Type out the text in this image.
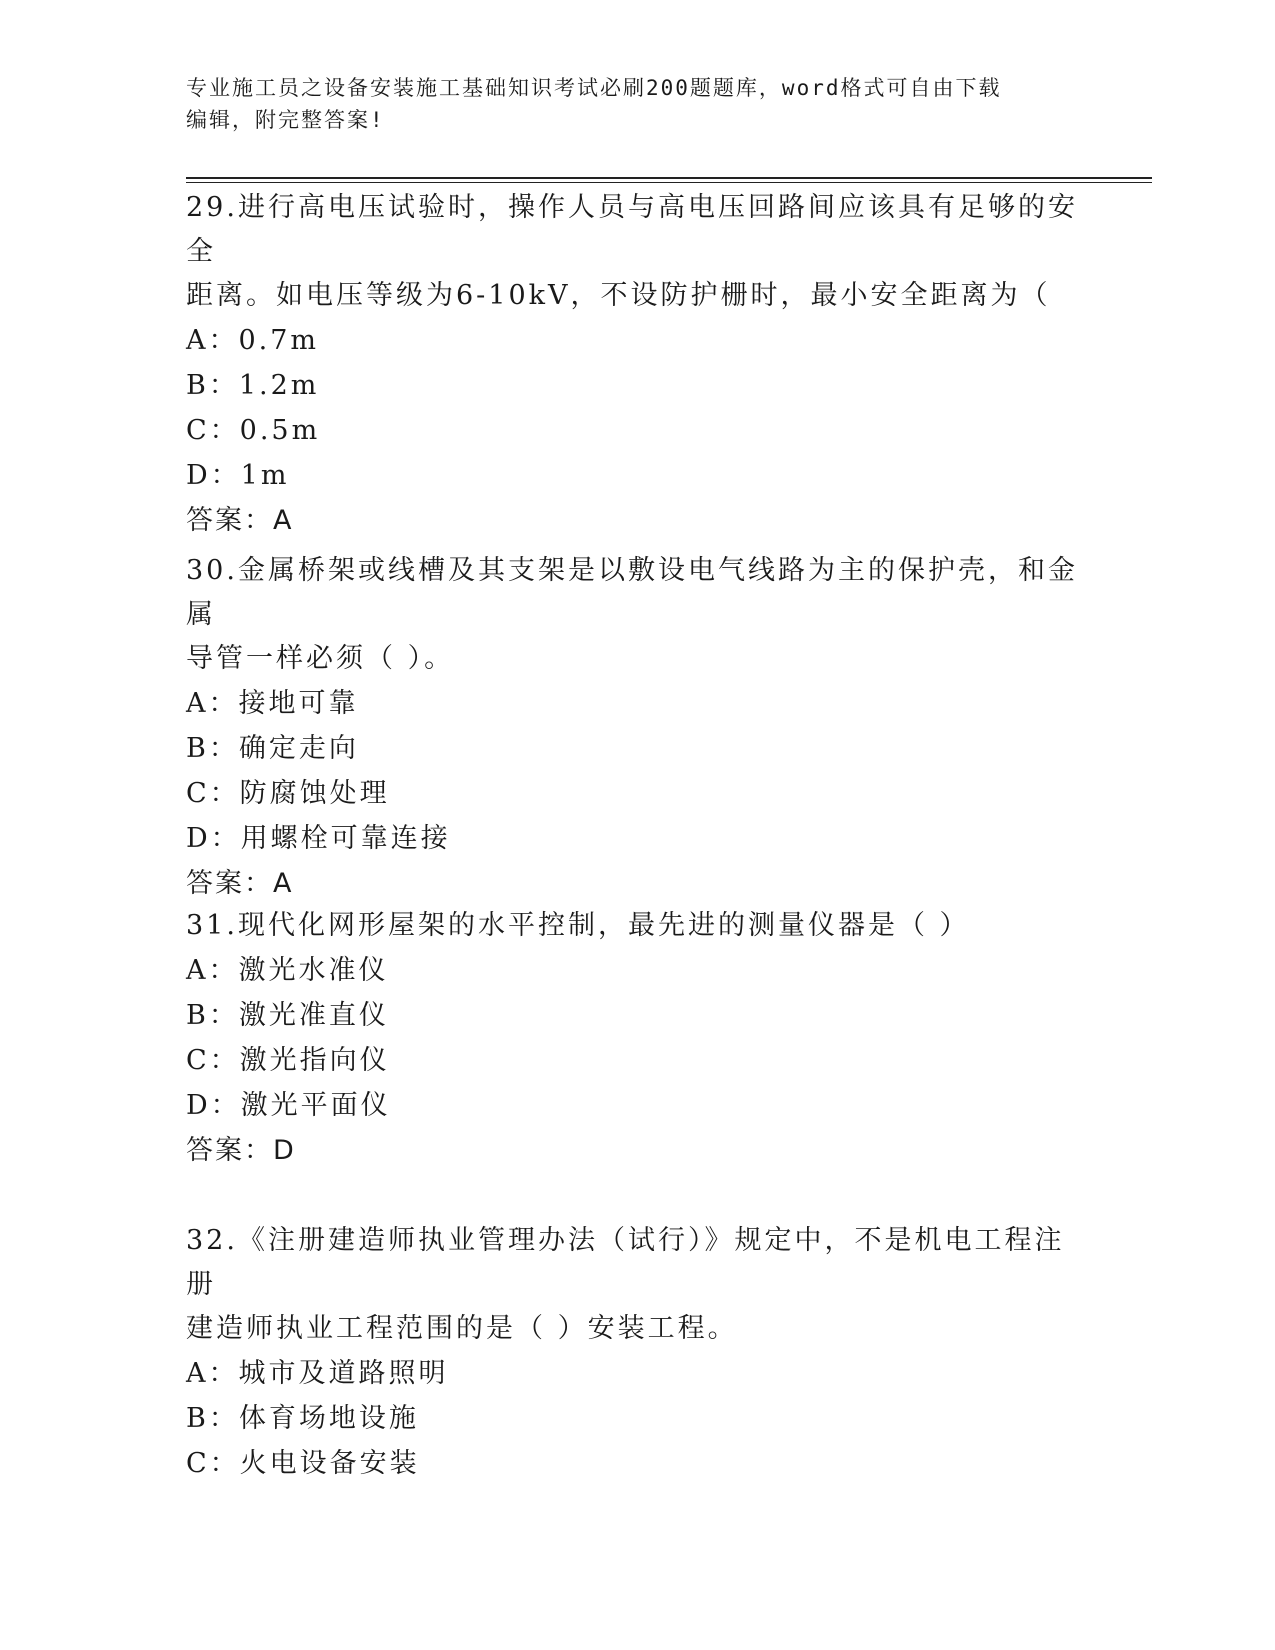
专业施工员之设备安装施工基础知识考试必刷200题题库，word格式可自由下载
编辑，附完整答案!
29.进行高电压试验时，操作人员与高电压回路间应该具有足够的安全
距离。如电压等级为6-10kV，不设防护栅时，最小安全距离为（
A：0.7m
B：1.2m
C：0.5m
D：1m
答案：A
30.金属桥架或线槽及其支架是以敷设电气线路为主的保护壳，和金属
导管一样必须（ ）。
A：接地可靠
B：确定走向
C：防腐蚀处理
D：用螺栓可靠连接
答案：A
31.现代化网形屋架的水平控制，最先进的测量仪器是（ ）
A：激光水准仪
B：激光准直仪
C：激光指向仪
D：激光平面仪
答案：D
32.《注册建造师执业管理办法（试行）》规定中，不是机电工程注册
建造师执业工程范围的是（ ）安装工程。
A：城市及道路照明
B：体育场地设施
C：火电设备安装
